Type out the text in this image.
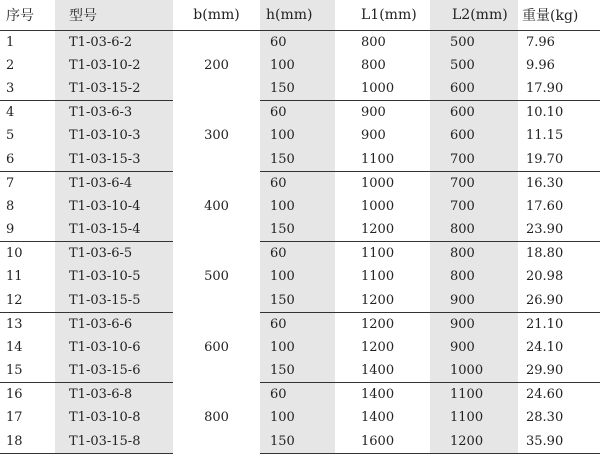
序号	型号	b(mm)	h(mm)	L1(mm)	L2(mm)	重量(kg)
1	T1-03-6-2	200	60	800	500	7.96
2	T1-03-10-2		100	800	500	9.96
3	T1-03-15-2		150	1000	600	17.90
4	T1-03-6-3	300	60	900	600	10.10
5	T1-03-10-3		100	900	600	11.15
6	T1-03-15-3		150	1100	700	19.70
7	T1-03-6-4	400	60	1000	700	16.30
8	T1-03-10-4		100	1000	700	17.60
9	T1-03-15-4		150	1200	800	23.90
10	T1-03-6-5	500	60	1100	800	18.80
11	T1-03-10-5		100	1100	800	20.98
12	T1-03-15-5		150	1200	900	26.90
13	T1-03-6-6	600	60	1200	900	21.10
14	T1-03-10-6		100	1200	900	24.10
15	T1-03-15-6		150	1400	1000	29.90
16	T1-03-6-8	800	60	1400	1100	24.60
17	T1-03-10-8		100	1400	1100	28.30
18	T1-03-15-8		150	1600	1200	35.90
